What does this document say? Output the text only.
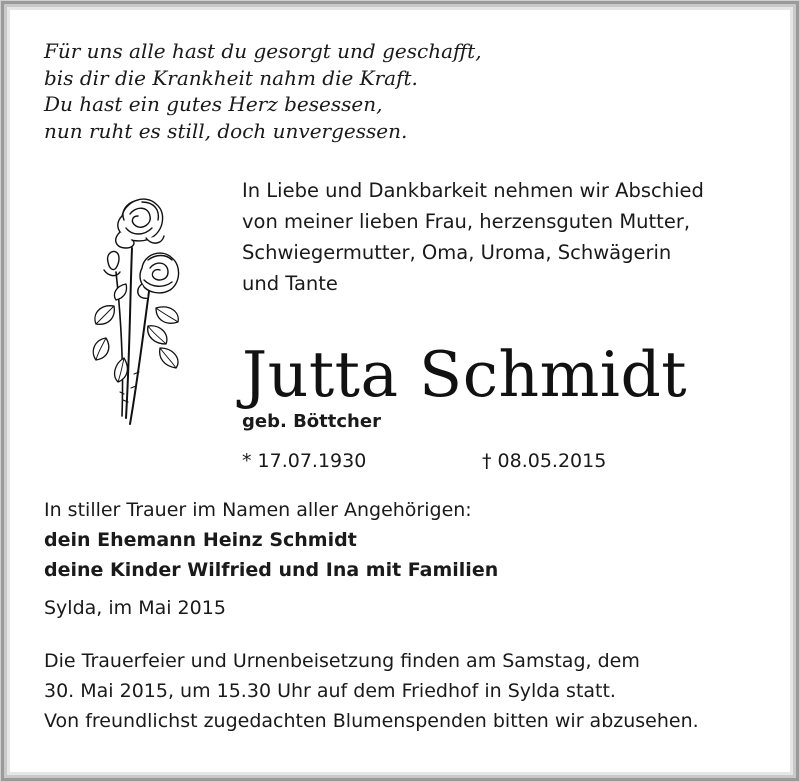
Für uns alle hast du gesorgt und geschafft,
bis dir die Krankheit nahm die Kraft.
Du hast ein gutes Herz besessen,
nun ruht es still, doch unvergessen.
In Liebe und Dankbarkeit nehmen wir Abschied
von meiner lieben Frau, herzensguten Mutter,
Schwiegermutter, Oma, Uroma, Schwägerin
und Tante
Jutta Schmidt
geb. Böttcher
* 17.07.1930	† 08.05.2015
In stiller Trauer im Namen aller Angehörigen:
dein Ehemann Heinz Schmidt
deine Kinder Wilfried und Ina mit Familien
Sylda, im Mai 2015
Die Trauerfeier und Urnenbeisetzung finden am Samstag, dem
30. Mai 2015, um 15.30 Uhr auf dem Friedhof in Sylda statt.
Von freundlichst zugedachten Blumenspenden bitten wir abzusehen.
